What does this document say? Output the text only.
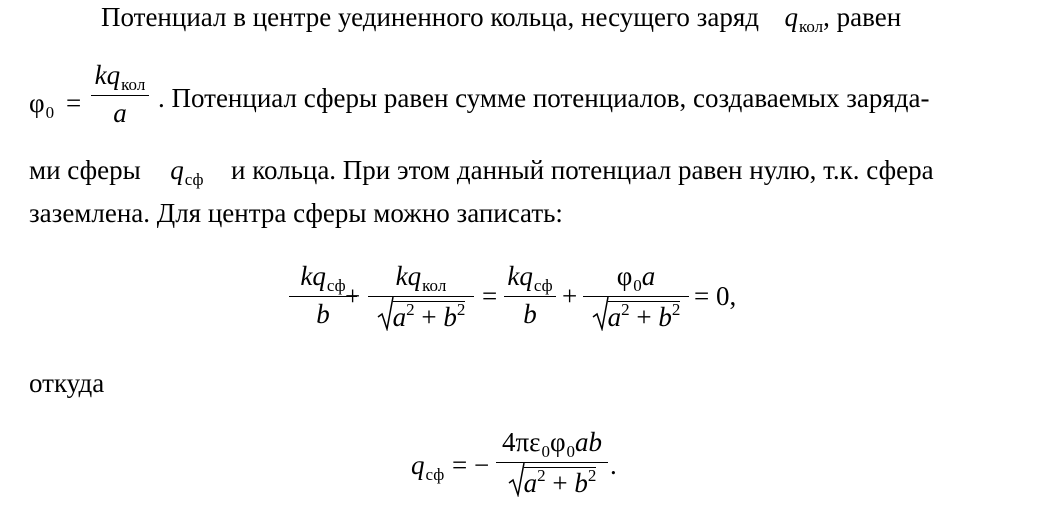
Потенциал в центре уединенного кольца, несущего заряд $q_{кол}$, равен
$\varphi_0$ =
$kq_{кол}$
a . Потенциал сферы равен сумме потенциалов, создаваемых заряда-
ми сферы $q_{сф}$ и кольца. При этом данный потенциал равен нулю, т.к. сфера
заземлена. Для центра сферы можно записать:
$kq_{сф}$
b
+
$kq_{кол}$
$a^2 + b^2$ =
$kq_{сф}$
b
+
$\varphi_0a$
$a^2 + b^2 = 0$,
откуда
$q_{сф}$ = −
$4\pi\varepsilon_0\varphi_0ab$
$a^2 + b^2$ .
